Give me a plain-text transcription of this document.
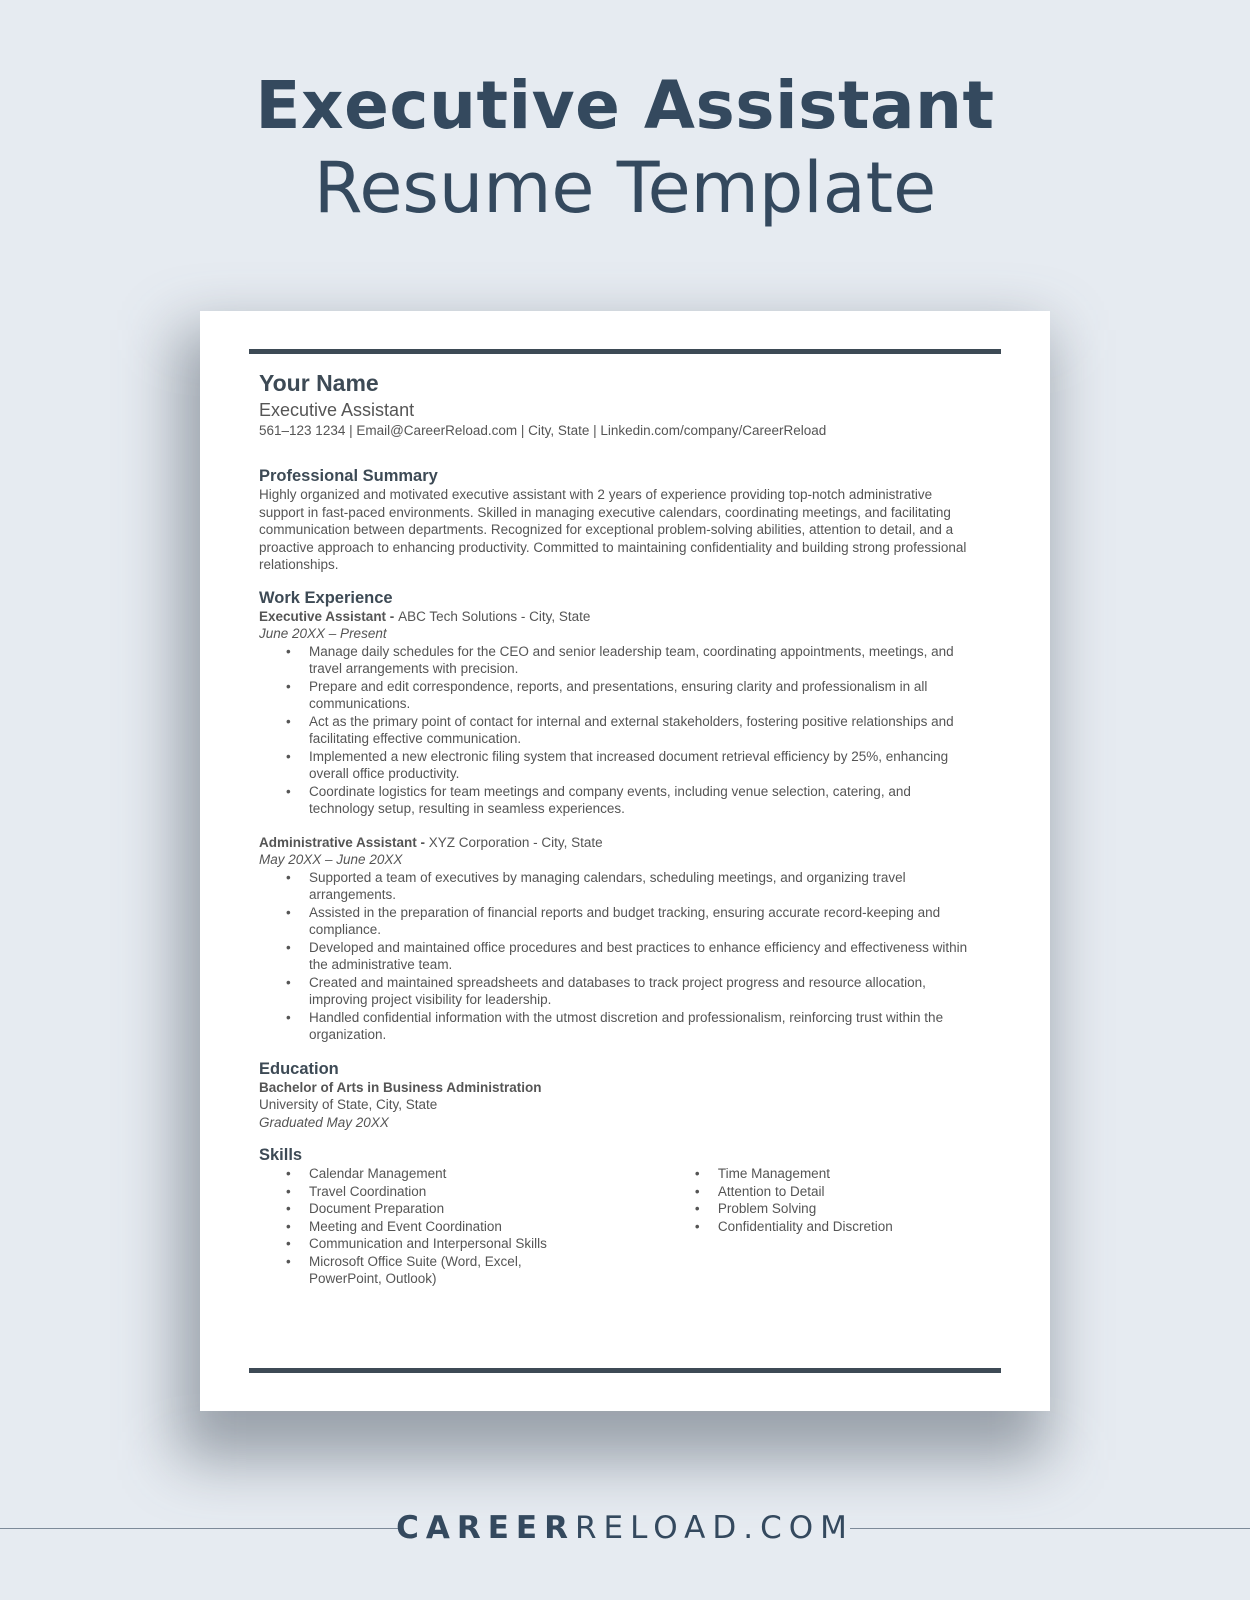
Executive Assistant
Resume Template
Your Name
Executive Assistant
561–123 1234 | Email@CareerReload.com | City, State | Linkedin.com/company/CareerReload
Professional Summary
Highly organized and motivated executive assistant with 2 years of experience providing top-notch administrative
support in fast-paced environments. Skilled in managing executive calendars, coordinating meetings, and facilitating
communication between departments. Recognized for exceptional problem-solving abilities, attention to detail, and a
proactive approach to enhancing productivity. Committed to maintaining confidentiality and building strong professional
relationships.
Work Experience
Executive Assistant - ABC Tech Solutions - City, State
June 20XX – Present
• Manage daily schedules for the CEO and senior leadership team, coordinating appointments, meetings, and
travel arrangements with precision.
• Prepare and edit correspondence, reports, and presentations, ensuring clarity and professionalism in all
communications.
• Act as the primary point of contact for internal and external stakeholders, fostering positive relationships and
facilitating effective communication.
• Implemented a new electronic filing system that increased document retrieval efficiency by 25%, enhancing
overall office productivity.
• Coordinate logistics for team meetings and company events, including venue selection, catering, and
technology setup, resulting in seamless experiences.
Administrative Assistant - XYZ Corporation - City, State
May 20XX – June 20XX
• Supported a team of executives by managing calendars, scheduling meetings, and organizing travel
arrangements.
• Assisted in the preparation of financial reports and budget tracking, ensuring accurate record-keeping and
compliance.
• Developed and maintained office procedures and best practices to enhance efficiency and effectiveness within
the administrative team.
• Created and maintained spreadsheets and databases to track project progress and resource allocation,
improving project visibility for leadership.
• Handled confidential information with the utmost discretion and professionalism, reinforcing trust within the
organization.
Education
Bachelor of Arts in Business Administration
University of State, City, State
Graduated May 20XX
Skills
• Calendar Management
• Travel Coordination
• Document Preparation
• Meeting and Event Coordination
• Communication and Interpersonal Skills
• Microsoft Office Suite (Word, Excel,
PowerPoint, Outlook)
• Time Management
• Attention to Detail
• Problem Solving
• Confidentiality and Discretion
CAREERRELOAD.COM
